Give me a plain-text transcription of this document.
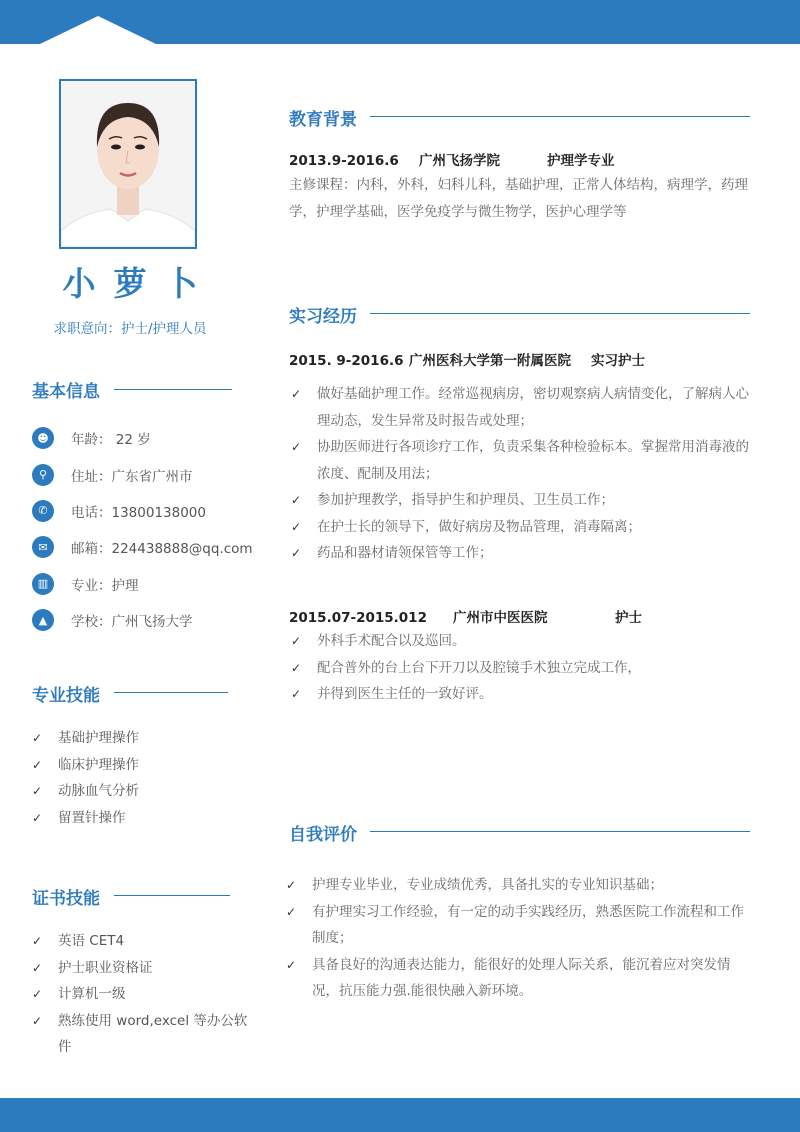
小萝卜
求职意向：护士/护理人员
基本信息
☻	年龄： 22 岁
⚲	住址：广东省广州市
✆	电话：13800138000
✉	邮箱：224438888@qq.com
▥	专业：护理
▲	学校：广州飞扬大学
专业技能
✓	基础护理操作
✓	临床护理操作
✓	动脉血气分析
✓	留置针操作
证书技能
✓	英语 CET4
✓	护士职业资格证
✓	计算机一级
✓	熟练使用 word,excel 等办公软件
教育背景
2013.9-2016.6 广州飞扬学院	护理学专业
主修课程：内科，外科，妇科儿科，基础护理，正常人体结构，病理学，药理学，护理学基础，医学免疫学与微生物学，医护心理学等
实习经历
2015. 9-2016.6 广州医科大学第一附属医院 实习护士
✓	做好基础护理工作。经常巡视病房，密切观察病人病情变化，了解病人心理动态，发生异常及时报告或处理；
✓	协助医师进行各项诊疗工作，负责采集各种检验标本。掌握常用消毒液的浓度、配制及用法；
✓	参加护理教学，指导护生和护理员、卫生员工作；
✓	在护士长的领导下，做好病房及物品管理，消毒隔离；
✓	药品和器材请领保管等工作；
2015.07-2015.012 广州市中医医院	护士
✓	外科手术配合以及巡回。
✓	配合普外的台上台下开刀以及腔镜手术独立完成工作，
✓	并得到医生主任的一致好评。
自我评价
✓	护理专业毕业，专业成绩优秀，具备扎实的专业知识基础；
✓	有护理实习工作经验，有一定的动手实践经历，熟悉医院工作流程和工作制度；
✓	具备良好的沟通表达能力，能很好的处理人际关系，能沉着应对突发情况，抗压能力强.能很快融入新环境。
